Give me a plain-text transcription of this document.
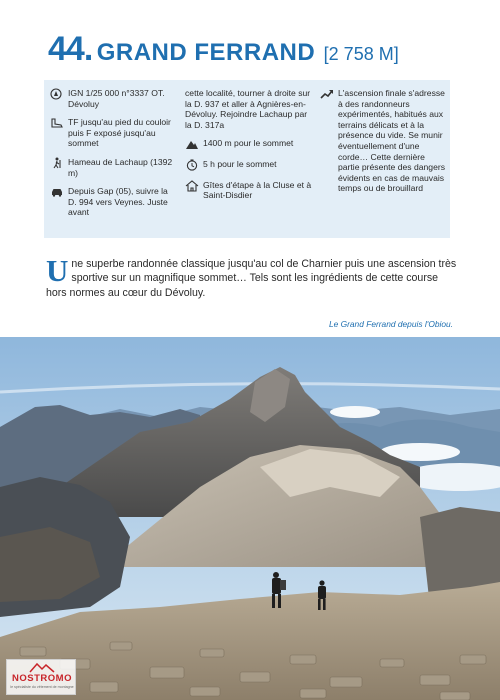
44. GRAND FERRAND [2 758 M]
IGN 1/25 000 n°3337 OT. Dévoluy
TF jusqu'au pied du couloir puis F exposé jusqu'au sommet
Hameau de Lachaup (1392 m)
Depuis Gap (05), suivre la D. 994 vers Veynes. Juste avant
cette localité, tourner à droite sur la D. 937 et aller à Agnières-en-Dévoluy. Rejoindre Lachaup par la D. 317a
1400 m pour le sommet
5 h pour le sommet
Gîtes d'étape à la Cluse et à Saint-Disdier
L'ascension finale s'adresse à des randonneurs expérimentés, habitués aux terrains délicats et à la présence du vide. Se munir éventuellement d'une corde… Cette dernière partie présente des dangers évidents en cas de mauvais temps ou de brouillard
Une superbe randonnée classique jusqu'au col de Charnier puis une ascension très sportive sur un magnifique sommet… Tels sont les ingrédients de cette course hors normes au cœur du Dévoluy.
Le Grand Ferrand depuis l'Obiou.
NOSTROMO
le spécialiste du vêtement de montagne
